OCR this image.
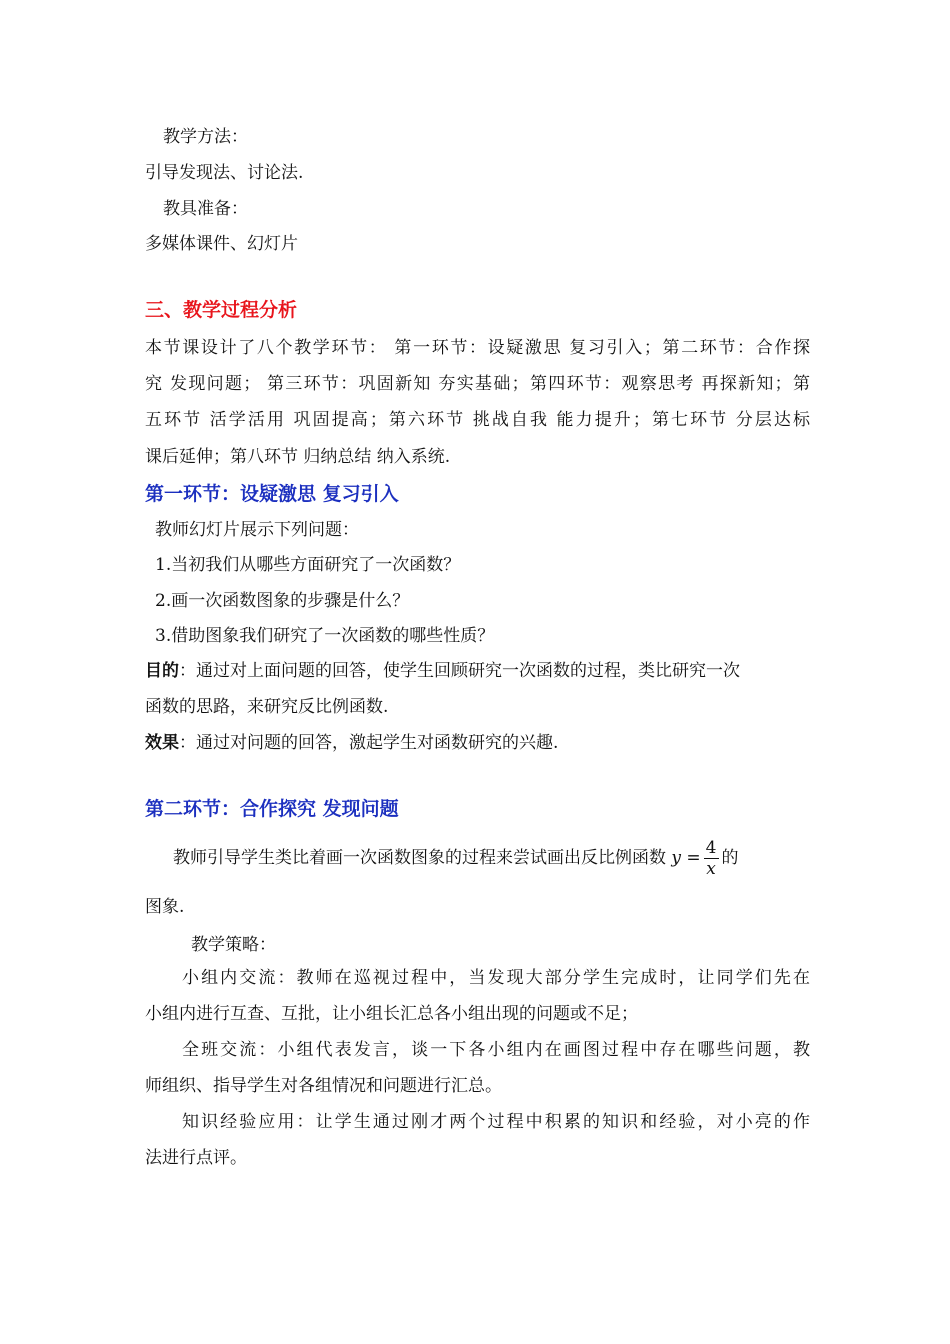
教学方法：
引导发现法、讨论法.
教具准备：
多媒体课件、幻灯片
三、教学过程分析
本节课设计了八个教学环节： 第一环节：设疑激思 复习引入；第二环节：合作探
究 发现问题； 第三环节：巩固新知 夯实基础；第四环节：观察思考 再探新知；第
五环节 活学活用 巩固提高；第六环节 挑战自我 能力提升；第七环节 分层达标
课后延伸；第八环节 归纳总结 纳入系统.
第一环节：设疑激思 复习引入
教师幻灯片展示下列问题：
1.当初我们从哪些方面研究了一次函数？
2.画一次函数图象的步骤是什么？
3.借助图象我们研究了一次函数的哪些性质？
目的：通过对上面问题的回答，使学生回顾研究一次函数的过程，类比研究一次
函数的思路，来研究反比例函数.
效果：通过对问题的回答，激起学生对函数研究的兴趣.
第二环节：合作探究 发现问题
教师引导学生类比着画一次函数图象的过程来尝试画出反比例函数 $y = \frac{4}{x}$ 的
图象.
教学策略：
小组内交流：教师在巡视过程中，当发现大部分学生完成时，让同学们先在
小组内进行互查、互批，让小组长汇总各小组出现的问题或不足；
全班交流：小组代表发言，谈一下各小组内在画图过程中存在哪些问题，教
师组织、指导学生对各组情况和问题进行汇总。
知识经验应用：让学生通过刚才两个过程中积累的知识和经验，对小亮的作
法进行点评。
